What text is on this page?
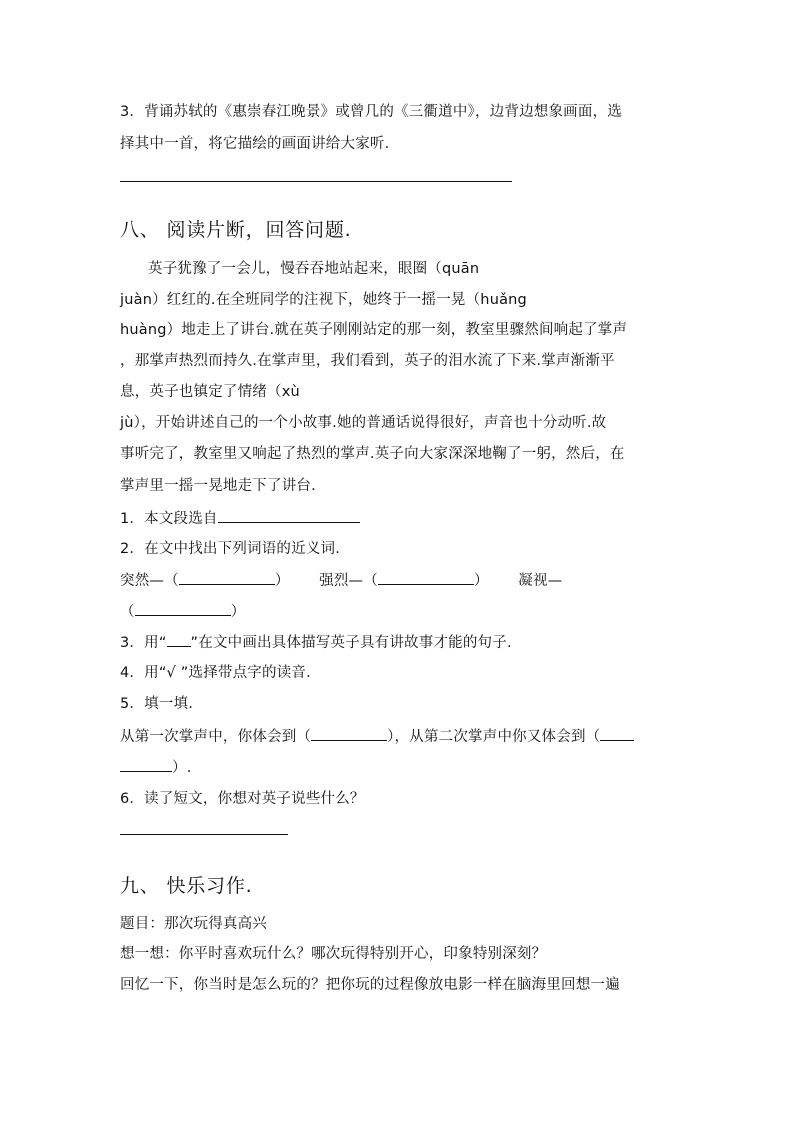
3．背诵苏轼的《惠崇春江晚景》或曾几的《三衢道中》，边背边想象画面，选
择其中一首，将它描绘的画面讲给大家听.
八、 阅读片断，回答问题.
英子犹豫了一会儿，慢吞吞地站起来，眼圈（quān
juàn）红红的.在全班同学的注视下，她终于一摇一晃（huǎng
huàng）地走上了讲台.就在英子刚刚站定的那一刻，教室里骤然间响起了掌声
，那掌声热烈而持久.在掌声里，我们看到，英子的泪水流了下来.掌声渐渐平
息，英子也镇定了情绪（xù
jù），开始讲述自己的一个小故事.她的普通话说得很好，声音也十分动听.故
事听完了，教室里又响起了热烈的掌声.英子向大家深深地鞠了一躬，然后，在
掌声里一摇一晃地走下了讲台.
1．本文段选自
2．在文中找出下列词语的近义词.
突然—（	） 强烈—（	） 凝视—
（	）
3．用“ ”在文中画出具体描写英子具有讲故事才能的句子.
4．用“√ ”选择带点字的读音.
5．填一填.
从第一次掌声中，你体会到（	），从第二次掌声中你又体会到（
）.
6．读了短文，你想对英子说些什么？
九、 快乐习作.
题目：那次玩得真高兴
想一想：你平时喜欢玩什么？哪次玩得特别开心，印象特别深刻？
回忆一下，你当时是怎么玩的？把你玩的过程像放电影一样在脑海里回想一遍
